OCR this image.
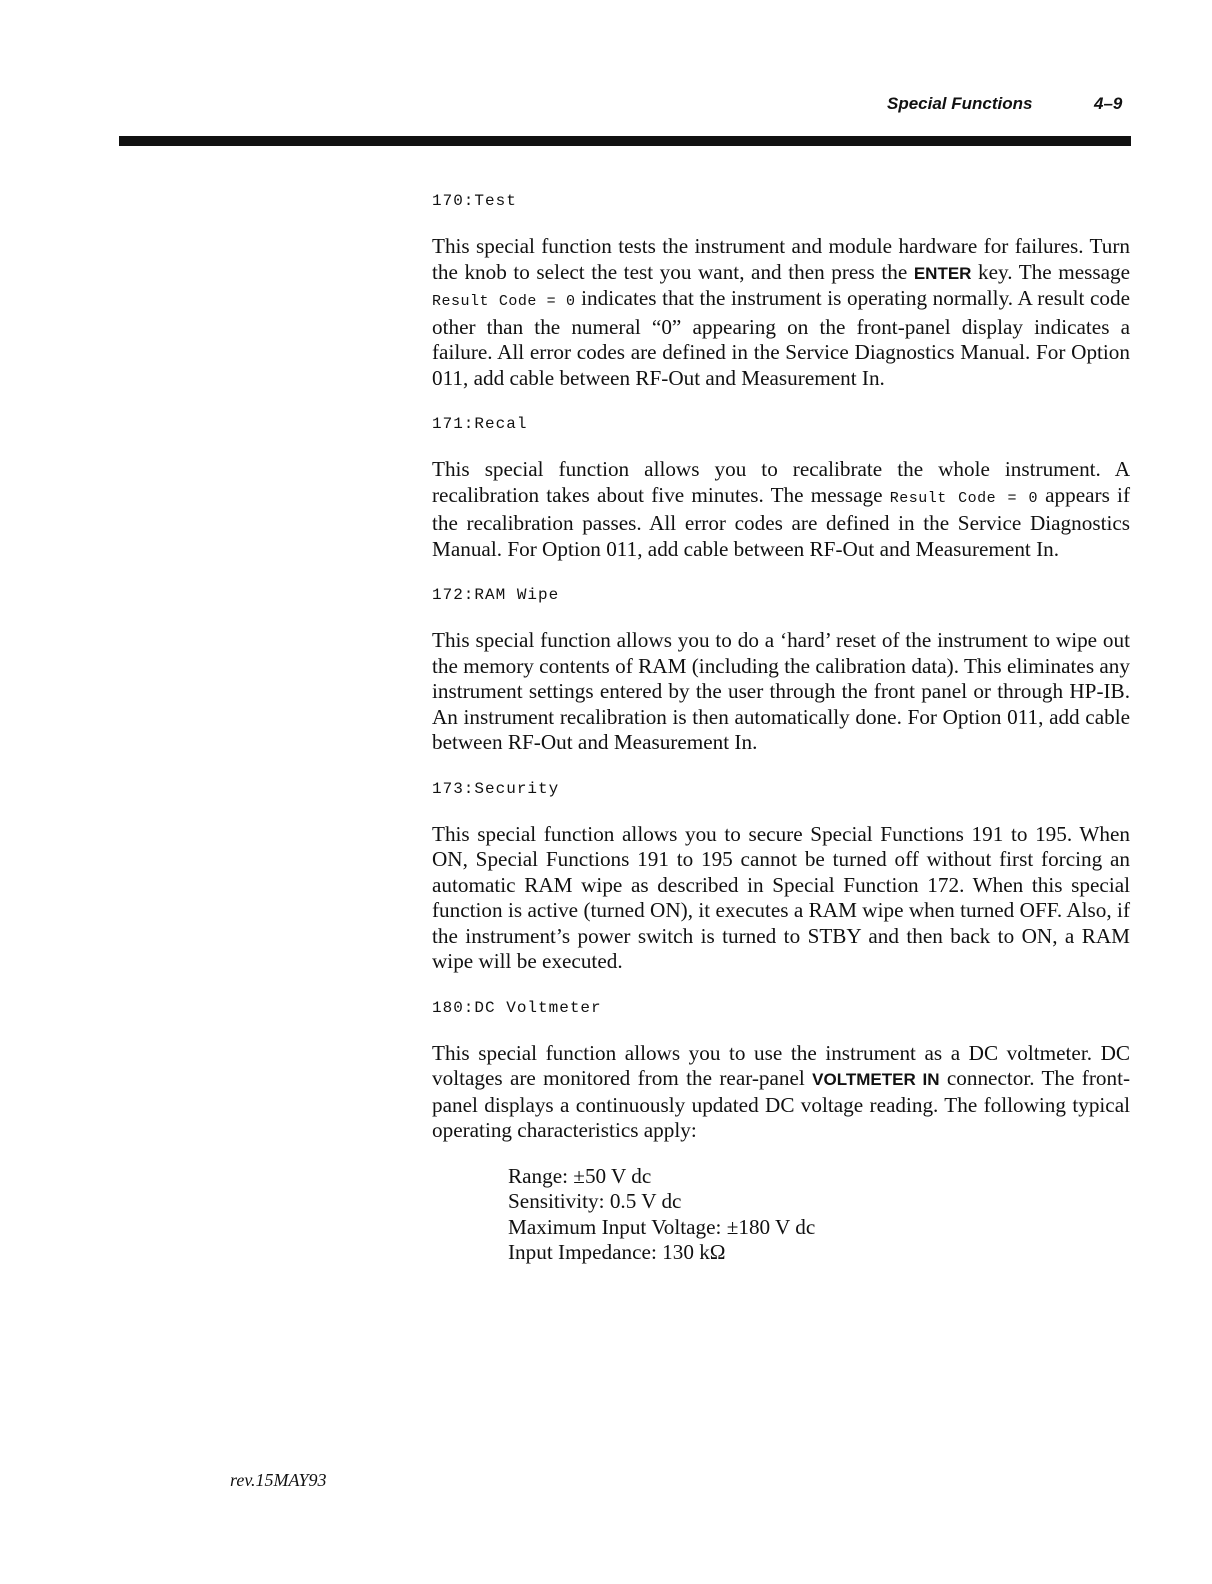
Special Functions	4–9
170:Test

This special function tests the instrument and module hardware for failures. Turn the knob to select the test you want, and then press the ENTER key. The message Result Code = 0 indicates that the instrument is operating normally. A result code other than the numeral “0” appearing on the front-panel display indicates a failure. All error codes are defined in the Service Diagnostics Manual. For Option 011, add cable between RF-Out and Measurement In.

171:Recal

This special function allows you to recalibrate the whole instrument. A recalibration takes about five minutes. The message Result Code = 0 appears if the recalibration passes. All error codes are defined in the Service Diagnostics Manual. For Option 011, add cable between RF-Out and Measurement In.

172:RAM Wipe

This special function allows you to do a ‘hard’ reset of the instrument to wipe out the memory contents of RAM (including the calibration data). This eliminates any instrument settings entered by the user through the front panel or through HP-IB. An instrument recalibration is then automatically done. For Option 011, add cable between RF-Out and Measurement In.

173:Security

This special function allows you to secure Special Functions 191 to 195. When ON, Special Functions 191 to 195 cannot be turned off without first forcing an automatic RAM wipe as described in Special Function 172. When this special function is active (turned ON), it executes a RAM wipe when turned OFF. Also, if the instrument’s power switch is turned to STBY and then back to ON, a RAM wipe will be executed.

180:DC Voltmeter

This special function allows you to use the instrument as a DC voltmeter. DC voltages are monitored from the rear-panel VOLTMETER IN connector. The front-panel displays a continuously updated DC voltage reading. The following typical operating characteristics apply:

Range: ±50 V dc
Sensitivity: 0.5 V dc
Maximum Input Voltage: ±180 V dc
Input Impedance: 130 kΩ
rev.15MAY93
